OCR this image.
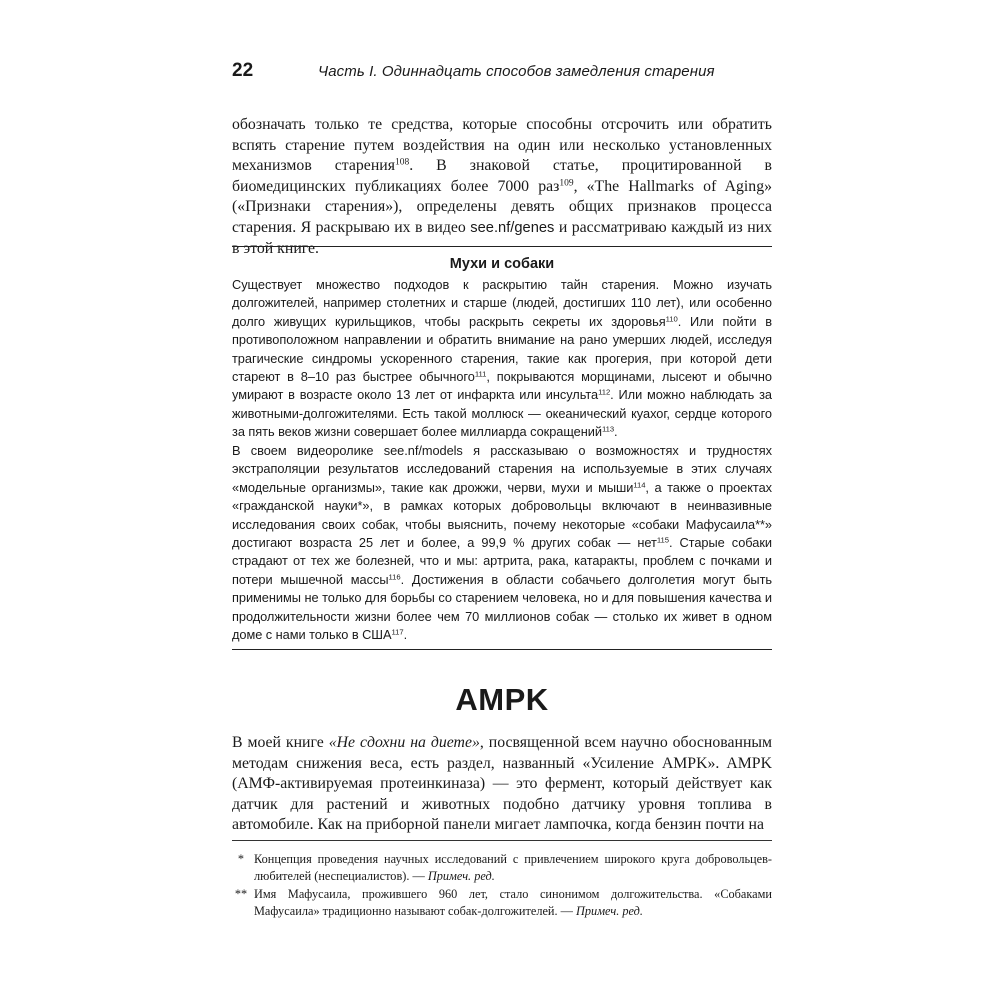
22	Часть I. Одиннадцать способов замедления старения

обозначать только те средства, которые способны отсрочить или обратить вспять старение путем воздействия на один или несколько установленных механизмов старения$^{108}$. В знаковой статье, процитированной в биомедицинских публикациях более 7000 раз$^{109}$, «The Hallmarks of Aging» («Признаки старения»), определены девять общих признаков процесса старения. Я раскрываю их в видео see.nf/genes и рассматриваю каждый из них в этой книге.

Мухи и собаки

Существует множество подходов к раскрытию тайн старения. Можно изучать долгожителей, например столетних и старше (людей, достигших 110 лет), или особенно долго живущих курильщиков, чтобы раскрыть секреты их здоровья$^{110}$. Или пойти в противоположном направлении и обратить внимание на рано умерших людей, исследуя трагические синдромы ускоренного старения, такие как прогерия, при которой дети стареют в 8–10 раз быстрее обычного$^{111}$, покрываются морщинами, лысеют и обычно умирают в возрасте около 13 лет от инфаркта или инсульта$^{112}$. Или можно наблюдать за животными-долгожителями. Есть такой моллюск — океанический куахог, сердце которого за пять веков жизни совершает более миллиарда сокращений$^{113}$.

В своем видеоролике see.nf/models я рассказываю о возможностях и трудностях экстраполяции результатов исследований старения на используемые в этих случаях «модельные организмы», такие как дрожжи, черви, мухи и мыши$^{114}$, а также о проектах «гражданской науки*», в рамках которых добровольцы включают в неинвазивные исследования своих собак, чтобы выяснить, почему некоторые «собаки Мафусаила**» достигают возраста 25 лет и более, а 99,9 % других собак — нет$^{115}$. Старые собаки страдают от тех же болезней, что и мы: артрита, рака, катаракты, проблем с почками и потери мышечной массы$^{116}$. Достижения в области собачьего долголетия могут быть применимы не только для борьбы со старением человека, но и для повышения качества и продолжительности жизни более чем 70 миллионов собак — столько их живет в одном доме с нами только в США$^{117}$.

AMPK

В моей книге «Не сдохни на диете», посвященной всем научно обоснованным методам снижения веса, есть раздел, названный «Усиление AMPK». AMPK (АМФ-активируемая протеинкиназа) — это фермент, который действует как датчик для растений и животных подобно датчику уровня топлива в автомобиле. Как на приборной панели мигает лампочка, когда бензин почти на

* Концепция проведения научных исследований с привлечением широкого круга добровольцев-любителей (неспециалистов). — Примеч. ред.
** Имя Мафусаила, прожившего 960 лет, стало синонимом долгожительства. «Собаками Мафусаила» традиционно называют собак-долгожителей. — Примеч. ред.
